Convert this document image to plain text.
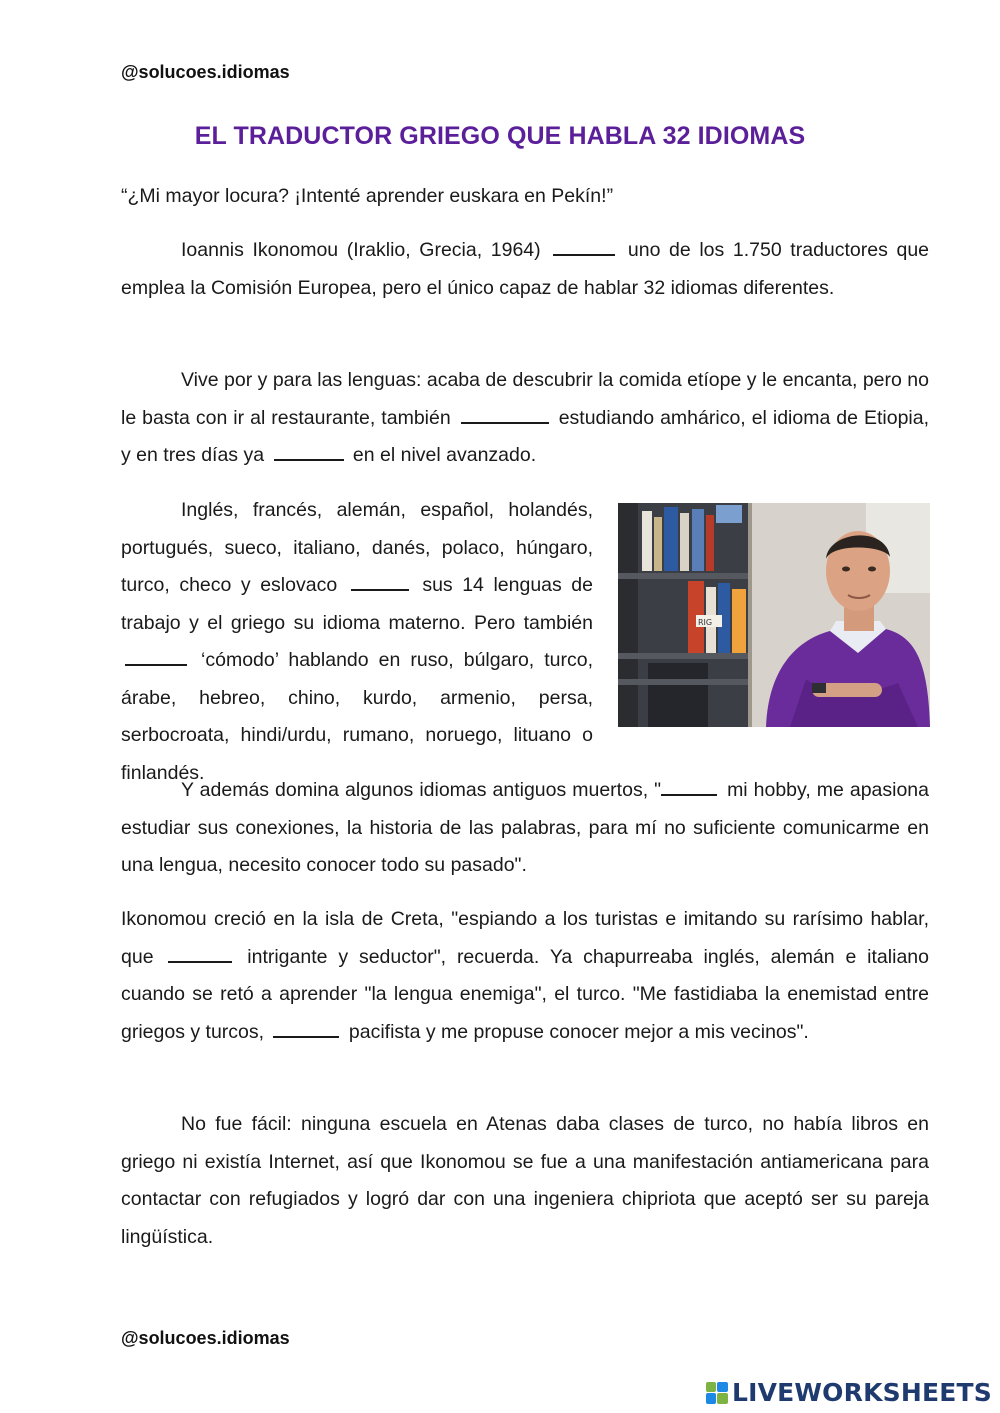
@solucoes.idiomas
EL TRADUCTOR GRIEGO QUE HABLA 32 IDIOMAS
“¿Mi mayor locura? ¡Intenté aprender euskara en Pekín!”

Ioannis Ikonomou (Iraklio, Grecia, 1964)	uno de los 1.750 traductores que emplea la Comisión Europea, pero el único capaz de hablar 32 idiomas diferentes.

Vive por y para las lenguas: acaba de descubrir la comida etíope y le encanta, pero no le basta con ir al restaurante, también	estudiando amhárico, el idioma de Etiopia, y en tres días ya	en el nivel avanzado.

RIG

Inglés, francés, alemán, español, holandés, portugués, sueco, italiano, danés, polaco, húngaro, turco, checo y eslovaco	sus 14 lenguas de trabajo y el griego su idioma materno. Pero también  ‘cómodo’ hablando en ruso, búlgaro, turco, árabe, hebreo, chino, kurdo, armenio, persa, serbocroata, hindi/urdu, rumano, noruego, lituano o finlandés.

Y además domina algunos idiomas antiguos muertos, "	mi hobby, me apasiona estudiar sus conexiones, la historia de las palabras, para mí no suficiente comunicarme en una lengua, necesito conocer todo su pasado".

Ikonomou creció en la isla de Creta, "espiando a los turistas e imitando su rarísimo hablar, que	intrigante y seductor", recuerda. Ya chapurreaba inglés, alemán e italiano cuando se retó a aprender "la lengua enemiga", el turco. "Me fastidiaba la enemistad entre griegos y turcos,	pacifista y me propuse conocer mejor a mis vecinos".

No fue fácil: ninguna escuela en Atenas daba clases de turco, no había libros en griego ni existía Internet, así que Ikonomou se fue a una manifestación antiamericana para contactar con refugiados y logró dar con una ingeniera chipriota que aceptó ser su pareja lingüística.

@solucoes.idiomas
LIVEWORKSHEETS
